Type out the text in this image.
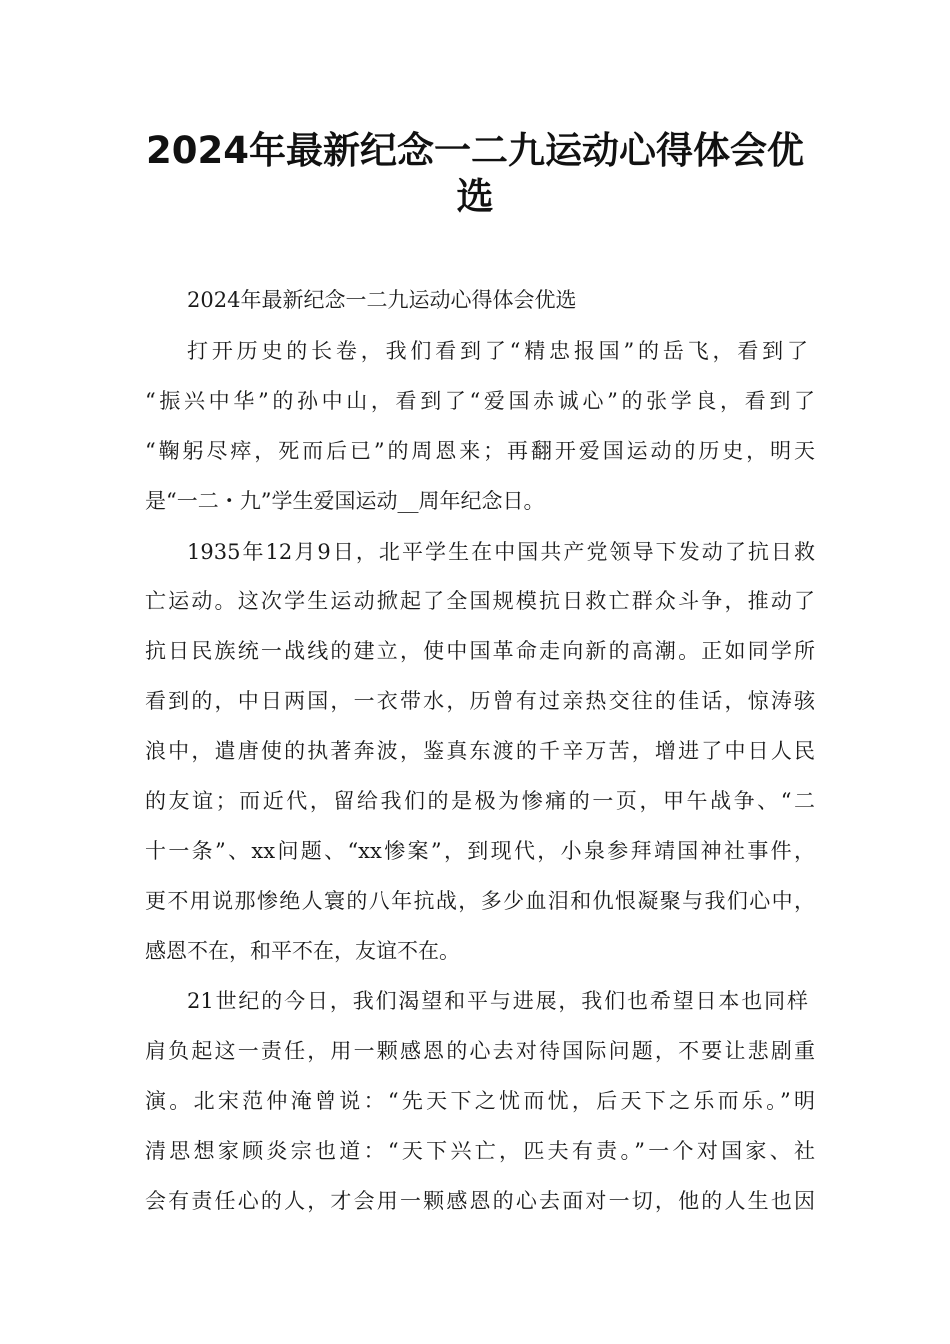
2024年最新纪念一二九运动心得体会优
选
2024年最新纪念一二九运动心得体会优选
打开历史的长卷，我们看到了“精忠报国”的岳飞，看到了
“振兴中华”的孙中山，看到了“爱国赤诚心”的张学良，看到了
“鞠躬尽瘁，死而后已”的周恩来；再翻开爱国运动的历史，明天
是“一二・九”学生爱国运动__周年纪念日。
1935年12月9日，北平学生在中国共产党领导下发动了抗日救
亡运动。这次学生运动掀起了全国规模抗日救亡群众斗争，推动了
抗日民族统一战线的建立，使中国革命走向新的高潮。正如同学所
看到的，中日两国，一衣带水，历曾有过亲热交往的佳话，惊涛骇
浪中，遣唐使的执著奔波，鉴真东渡的千辛万苦，增进了中日人民
的友谊；而近代，留给我们的是极为惨痛的一页，甲午战争、“二
十一条”、xx问题、“xx惨案”，到现代，小泉参拜靖国神社事件，
更不用说那惨绝人寰的八年抗战，多少血泪和仇恨凝聚与我们心中，
感恩不在，和平不在，友谊不在。
21世纪的今日，我们渴望和平与进展，我们也希望日本也同样
肩负起这一责任，用一颗感恩的心去对待国际问题，不要让悲剧重
演。北宋范仲淹曾说：“先天下之忧而忧，后天下之乐而乐。”明
清思想家顾炎宗也道：“天下兴亡，匹夫有责。”一个对国家、社
会有责任心的人，才会用一颗感恩的心去面对一切，他的人生也因
